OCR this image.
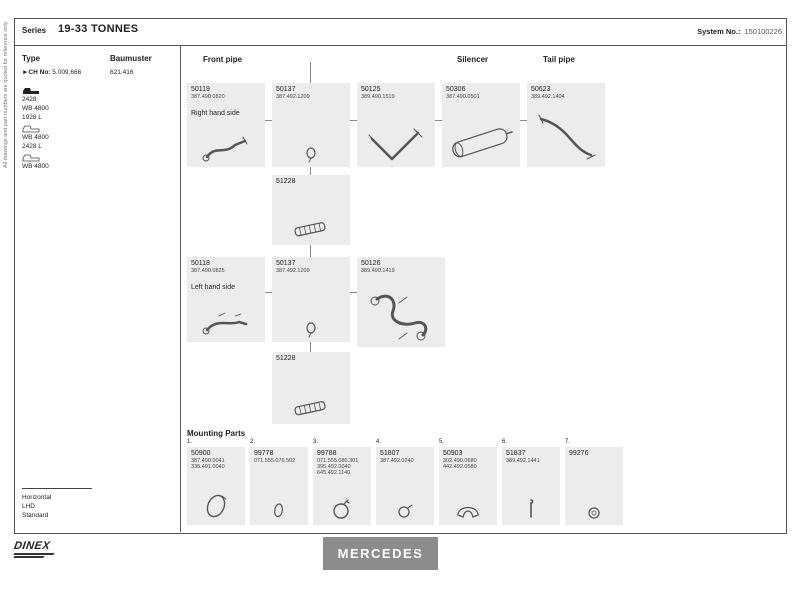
All drawings and part numbers are quoted for reference only Series 19-33 TONNES	System No.: 150100226
Type	Baumuster
►CH No: 5.009.666	621.416
2428
WB 4800
1928 L
WB 4800
2428 L
WB 4800
Front pipe	Silencer	Tail pipe
50119
387.490.0820
Right hand side
50137
387.492.1209
50125
389.490.1519
50306
387.490.0501
50623
389.492.1404
51228
50118
387.490.0825
Left hand side
50137
387.492.1209
50126
389.490.1419
51228
Mounting Parts
1.	2.	3.	4.	5.	6.	7.
50900
387.490.0041
335.491.0040
99778
071.555.076.502
99788
071.555.080.301
395.492.0040
645.492.1140
51807
387.492.0240
50903
302.490.0680
442.492.0580
51837
389.492.1441
99276
Horizontal
LHD
Standard
DINEX	MERCEDES
